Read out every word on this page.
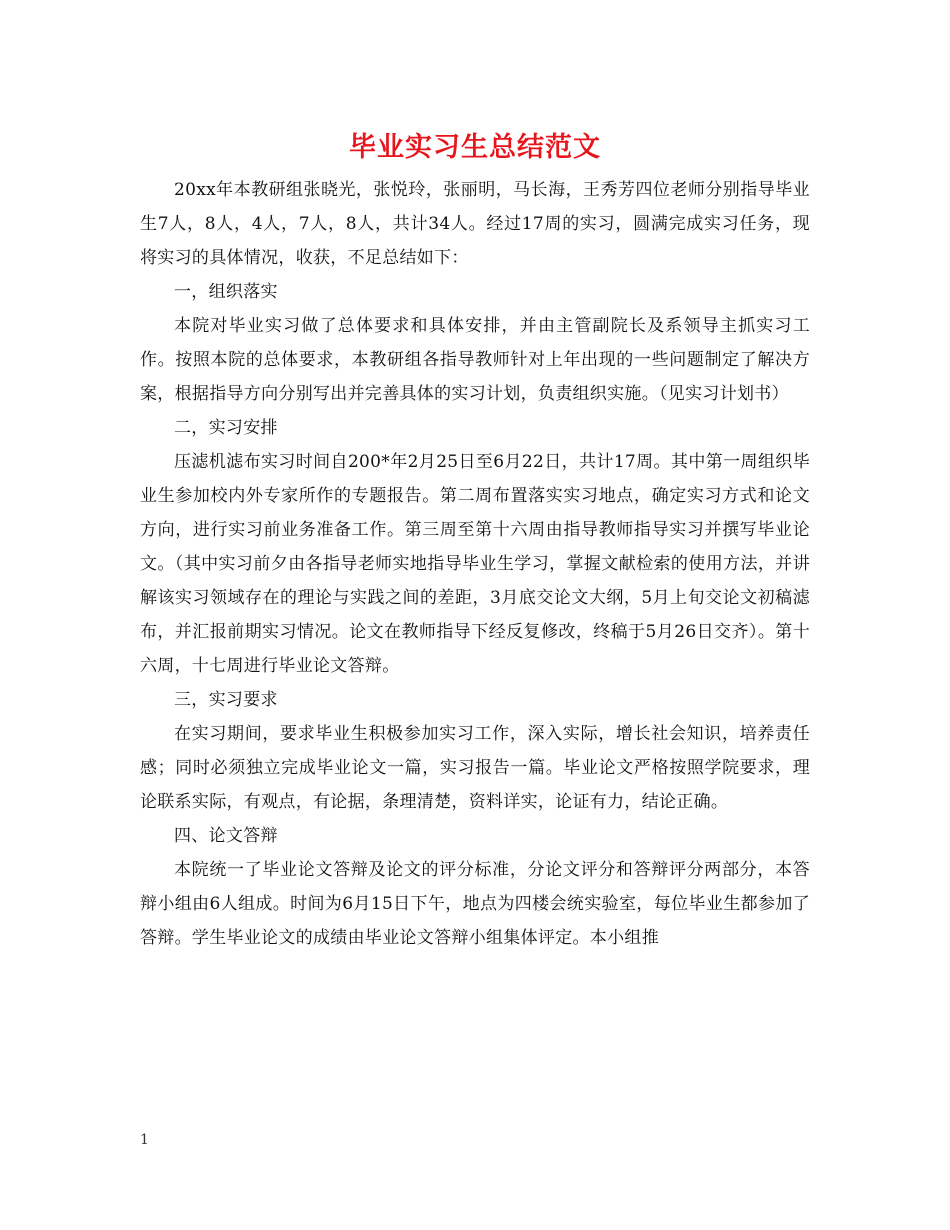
毕业实习生总结范文

20xx年本教研组张晓光，张悦玲，张丽明，马长海，王秀芳四位老师分别指导毕业生7人，8人，4人，7人，8人，共计34人。经过17周的实习，圆满完成实习任务，现将实习的具体情况，收获，不足总结如下：

一，组织落实

本院对毕业实习做了总体要求和具体安排，并由主管副院长及系领导主抓实习工作。按照本院的总体要求，本教研组各指导教师针对上年出现的一些问题制定了解决方案，根据指导方向分别写出并完善具体的实习计划，负责组织实施。（见实习计划书）

二，实习安排

压滤机滤布实习时间自200*年2月25日至6月22日，共计17周。其中第一周组织毕业生参加校内外专家所作的专题报告。第二周布置落实实习地点，确定实习方式和论文方向，进行实习前业务准备工作。第三周至第十六周由指导教师指导实习并撰写毕业论文。（其中实习前夕由各指导老师实地指导毕业生学习，掌握文献检索的使用方法，并讲解该实习领域存在的理论与实践之间的差距，3月底交论文大纲，5月上旬交论文初稿滤布，并汇报前期实习情况。论文在教师指导下经反复修改，终稿于5月26日交齐）。第十六周，十七周进行毕业论文答辩。

三，实习要求

在实习期间，要求毕业生积极参加实习工作，深入实际，增长社会知识，培养责任感；同时必须独立完成毕业论文一篇，实习报告一篇。毕业论文严格按照学院要求，理论联系实际，有观点，有论据，条理清楚，资料详实，论证有力，结论正确。

四、论文答辩

本院统一了毕业论文答辩及论文的评分标准，分论文评分和答辩评分两部分，本答辩小组由6人组成。时间为6月15日下午，地点为四楼会统实验室，每位毕业生都参加了答辩。学生毕业论文的成绩由毕业论文答辩小组集体评定。本小组推

1
